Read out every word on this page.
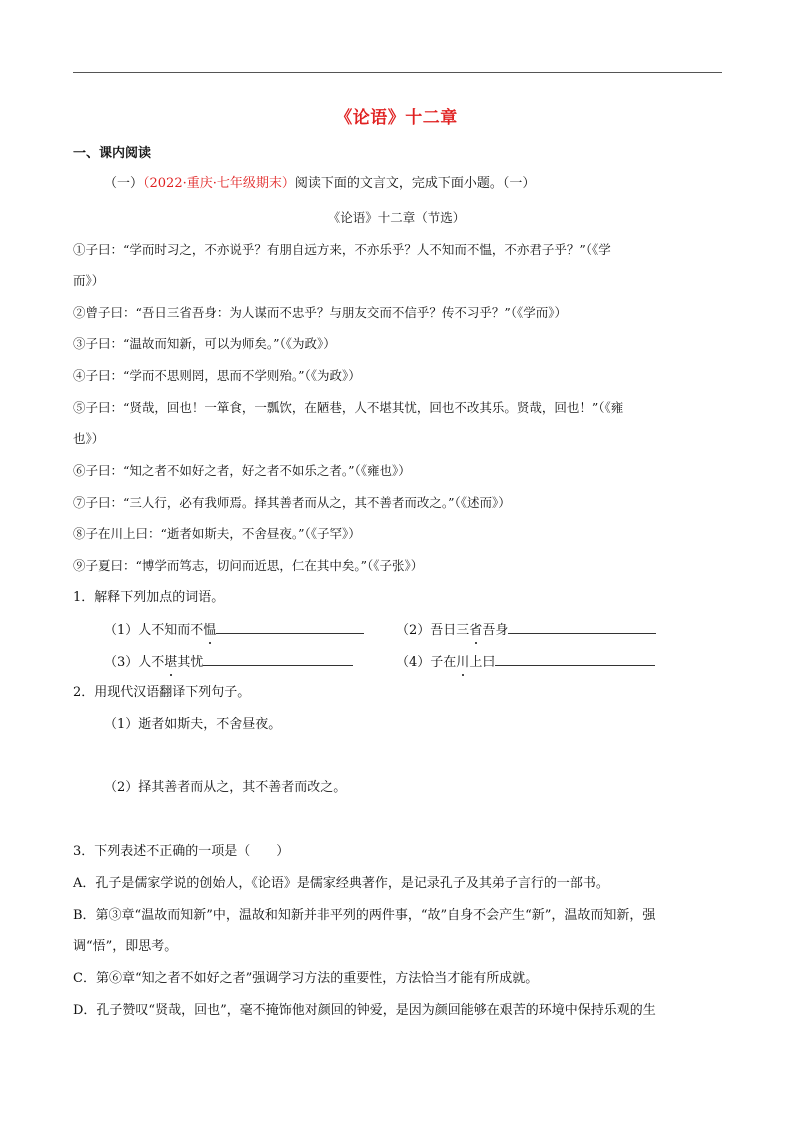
《论语》十二章
一、课内阅读
（一）（2022·重庆·七年级期末）阅读下面的文言文，完成下面小题。（一）
《论语》十二章（节选）
①子曰：“学而时习之，不亦说乎？有朋自远方来，不亦乐乎？人不知而不愠，不亦君子乎？”（《学
而》）
②曾子曰：“吾日三省吾身：为人谋而不忠乎？与朋友交而不信乎？传不习乎？”（《学而》）
③子曰：“温故而知新，可以为师矣。”（《为政》）
④子曰：“学而不思则罔，思而不学则殆。”（《为政》）
⑤子曰：“贤哉，回也！一箪食，一瓢饮，在陋巷，人不堪其忧，回也不改其乐。贤哉，回也！”（《雍
也》）
⑥子曰：“知之者不如好之者，好之者不如乐之者。”（《雍也》）
⑦子曰：“三人行，必有我师焉。择其善者而从之，其不善者而改之。”（《述而》）
⑧子在川上曰：“逝者如斯夫，不舍昼夜。”（《子罕》）
⑨子夏曰：“博学而笃志，切问而近思，仁在其中矣。”（《子张》）
1．解释下列加点的词语。
（1）人不知而不愠	（2）吾日三省吾身
（3）人不堪其忧	（4）子在川上曰
2．用现代汉语翻译下列句子。
（1）逝者如斯夫，不舍昼夜。
（2）择其善者而从之，其不善者而改之。
3．下列表述不正确的一项是（　　）
A．孔子是儒家学说的创始人，《论语》是儒家经典著作，是记录孔子及其弟子言行的一部书。
B．第③章“温故而知新”中，温故和知新并非平列的两件事，“故”自身不会产生“新”，温故而知新，强
调“悟”，即思考。
C．第⑥章“知之者不如好之者”强调学习方法的重要性，方法恰当才能有所成就。
D．孔子赞叹“贤哉，回也”，毫不掩饰他对颜回的钟爱，是因为颜回能够在艰苦的环境中保持乐观的生
